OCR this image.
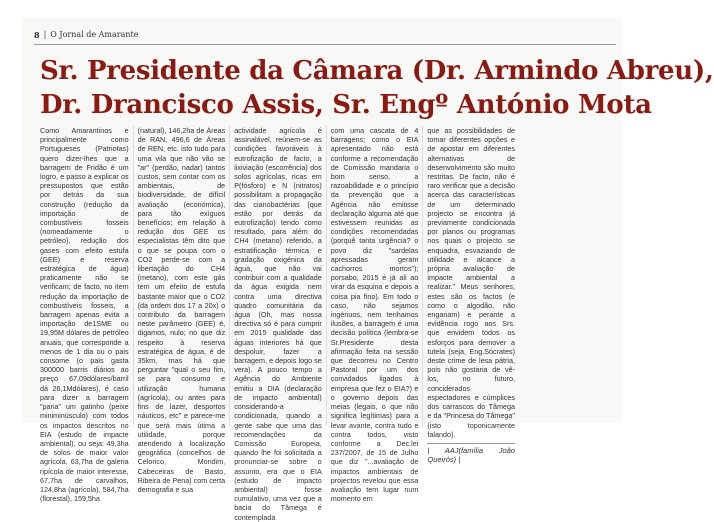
8 | O Jornal de Amarante
Sr. Presidente da Câmara (Dr. Armindo Abreu),
Dr. Drancisco Assis, Sr. Engº António Mota

Como Amarantinos e principalmente como Portugueses (Patriotas) quero dizer-lhes que a barragem de Fridão é um logro, e passo a explicar os pressupostos que estão por detrás da sua construção (redução da importação de combustíveis fosseis (nomeadamente o petróleo), redução dos gases com efeito estufa (GEE) e reserva estratégica de água) praticamente não se verificam; de facto, no item redução da importação de combustíveis fosseis, a barragem apenas evita a importação de1SME ou 19,95M dólares de petróleo anuais, que corresponde a menos de 1 dia ou o pais consome (o pais gasta 300000 barris diários ao preço 67,09dólares/barril dá 26,1Mdólares), é caso para dizer a barragem "paria" um gatinho (peixe miniminúsculo) com todos os impactos descritos no EIA (estudo de impacte ambiental), ou seja: 49,3ha de solos de maior valor agrícola, 63,7ha de galeria ripícola de maior interesse, 67,7ha de carvalhos, 124,8ha (agrícola), 584,7ha (florestal), 159,5ha

(natural), 146,2ha de Áreas de RAN, 496,6 de Áreas de REN, etc. isto tudo para uma vila que não vão se "ar" (perdão, nadar) tantos custos, sem contar com os ambientais, de biodiversidade, de difícil avaliação (económica), para tão exíguos benefícios; em relação à redução dos GEE os especialistas têm dito que o que se poupa com o CO2 perde-se com a libertação do CH4 (metano), com este gás tem um efeito de estufa bastante maior que o CO2 (da ordem dos 17 a 20x) o contributo da barragem neste parâmetro (GEE) é, digamos, nulo; no que diz respeito à reserva estratégica de água, é de 35km, mas há que perguntar "qual o seu fim, se para consumo e utilização humana (agrícola), ou antes para fins de lazer, desportos náuticos, etc" e parece-me que será mais útima a utilidade, porque atendendo à localização geográfica (concelhos de Celorico, Mondim, Cabeceiras de Basto, Ribeira de Pena) com certa demografia e sua

actividade agrícola é assinalável, reúnem-se as condições favoráveis à eutrofização de facto, a lixiviação (escorrência) dos solos agrícolas, ricas em P(fósforo) e N (nitratos) possibilitam a propagação das cianobactérias (que estão por detrás da eutrofização) tendo como resultado, para além do CH4 (metano) referido, a estratificação térmica e gradação oxigénica da água, que não vai contribuir com a qualidade da água exigida nem contra uma directiva quadro comunitária da água (Oh, mas nossa directiva só é para cumprir em 2015 qualidade das águas interiores há que despoluir, fazer a barragem, e depois logo se vera). A pouco tempo a Agência do Ambiente emitiu a DIA (declaração de impacto ambiental) considerando-a condicionada, quando a gente sabe que uma das recomendações da Comissão Europeia, quando lhe foi solicitada a pronunciar-se sobre o assunto, era que o EIA (estudo de impacto ambiental) fosse cumulativo, uma vez que a bacia do Tâmega é contemplada

com uma cascata de 4 barragens; como o EIA apresentado não está conforme a recomendação de Comissão mandaria o bom senso, a razoabilidade e o princípio da prevenção que a Agência não emitisse declaração alguma até que estivessem reunidas as condições recomendadas (porquê tanta urgência? o povo diz "sardelas apressadas geram cachorros mortos"); porsabo, 2015 é já ali ao virar da esquina e depois a coisa pia fino). Em todo o caso, não sejamos ingénuos, nem tenhamos ilusões, a barragem é uma decisão política (lembra-se Sr.Presidente desta afirmação feita na sessão que decorreu no Centro Pastoral por um dos convidados ligados à empresa que fez o EIA?) e o governo depois das meias (legais, o que não significa legítimas) para a levar avante, contra tudo e contra todos, visto conforme a Dec.lei 237/2007, de 15 de Julho que diz "...avaliação de impactos ambientais de projectos revelou que essa avaliação tem lugar num momento em

que as possibilidades de tomar diferentes opções e de apostar em diferentes alternativas de desenvolvimento são muito restritas. De facto, não é raro verificar que a decisão acerca das características de um determinado projecto se encontra já previamente condicionada por planos ou programas nos quais o projecto se enquadra, esvaziando de utilidade e alcance a própria avaliação de impacte ambiental a realizar." Meus senhores, estes são os factos (e como o algodão, não enganam) e perante a evidência rogo aos Srs. que envidem todos os esforços para demover a tutela (seja, Eng.Sócrates) deste crime de lesa pátria, pois não gostaria de vê-los, no futuro, conciderados espectadores e cúmplices dos carrascos do Tâmega e da "Princesa do Tâmega" (isto toponicamente falando).

| AAJ(família João Queirós) |
